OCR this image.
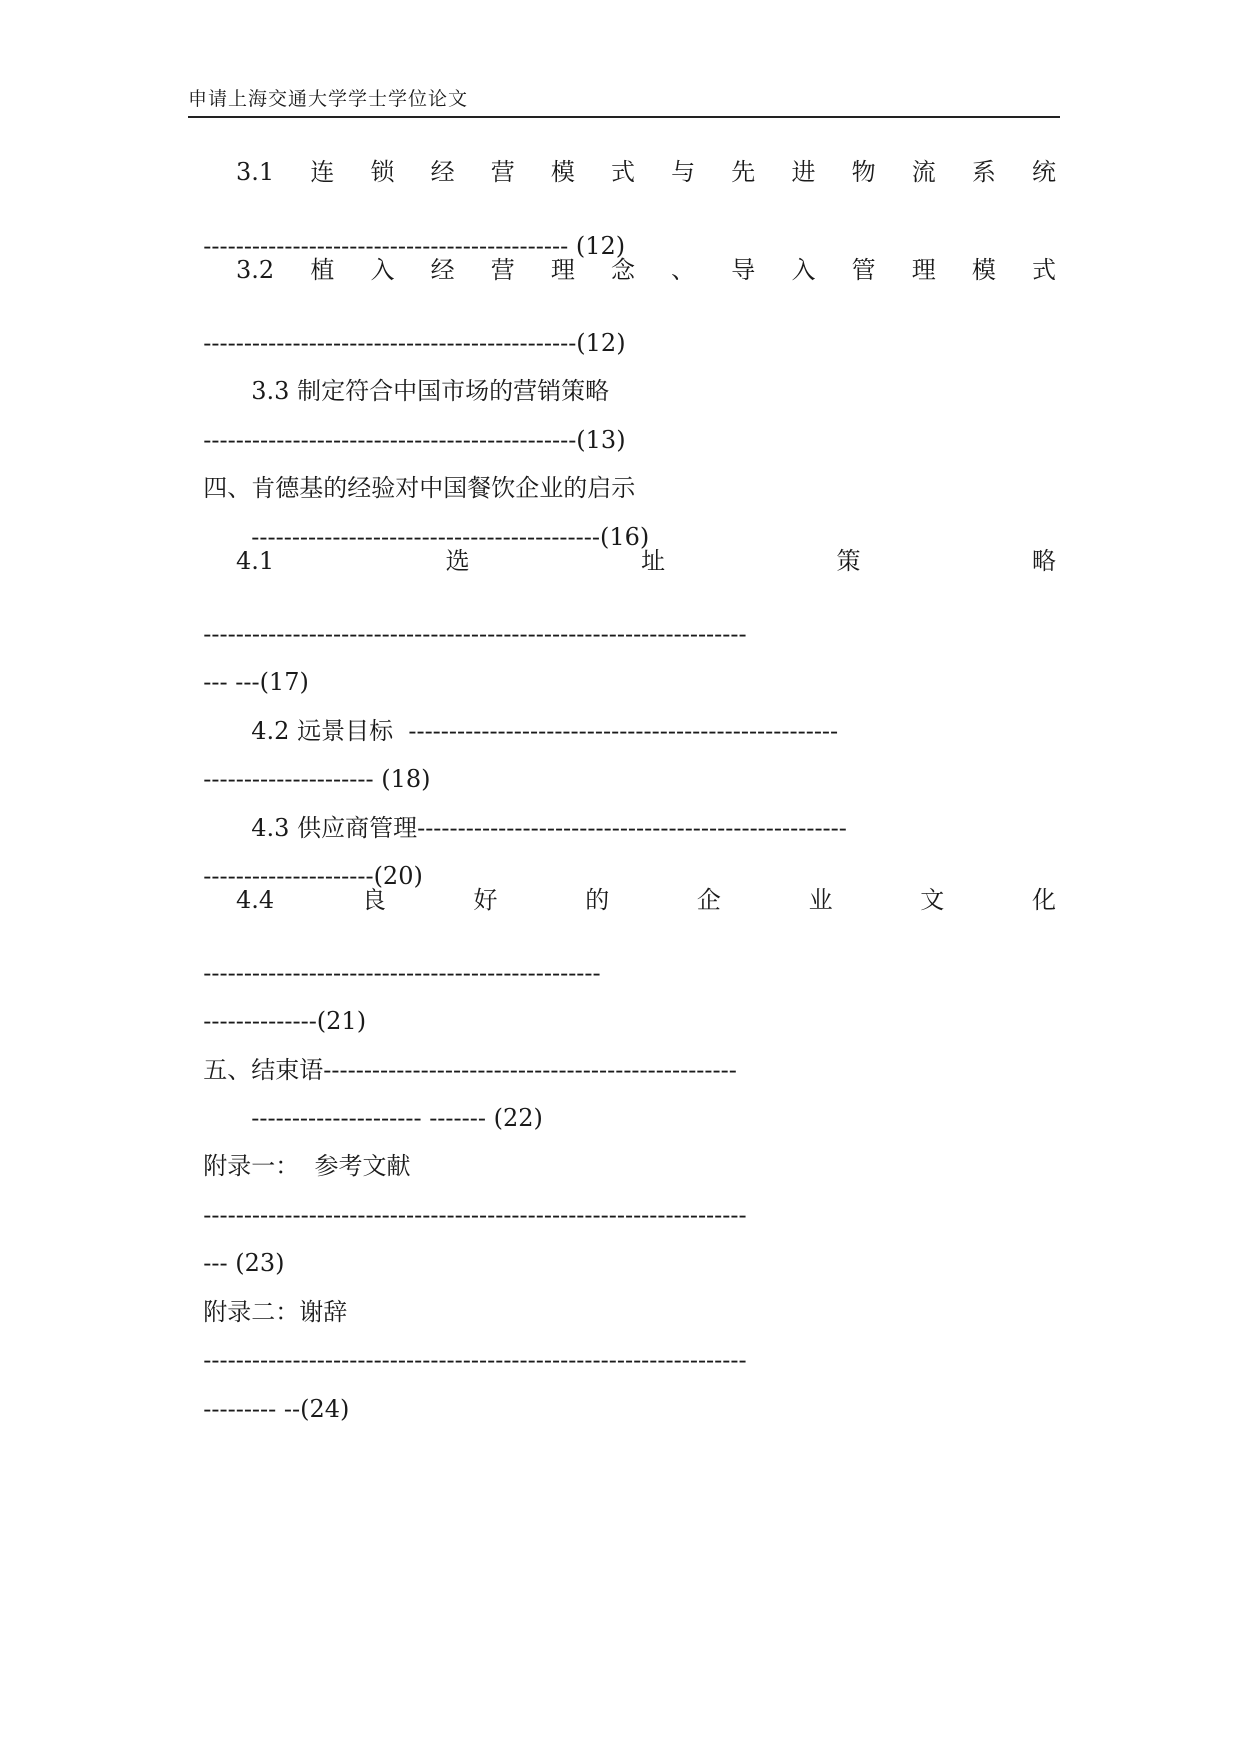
申请上海交通大学学士学位论文
3.1 连 锁 经 营 模 式 与 先 进 物 流 系 统

--------------------------------------------- (12)

3.2 植 入 经 营 理 念 、 导 入 管 理 模 式

----------------------------------------------(12)

3.3 制定符合中国市场的营销策略

----------------------------------------------(13)

四、肯德基的经验对中国餐饮企业的启示

-------------------------------------------(16)

4.1	选	址	策	略

-------------------------------------------------------------------

--- ---(17)

4.2 远景目标 -----------------------------------------------------

--------------------- (18)

4.3 供应商管理-----------------------------------------------------

---------------------(20)

4.4	良	好	的	企	业	文	化

-------------------------------------------------

--------------(21)

五、结束语---------------------------------------------------

--------------------- ------- (22)

附录一：  参考文献

-------------------------------------------------------------------

--- (23)

附录二：谢辞

-------------------------------------------------------------------

--------- --(24)
